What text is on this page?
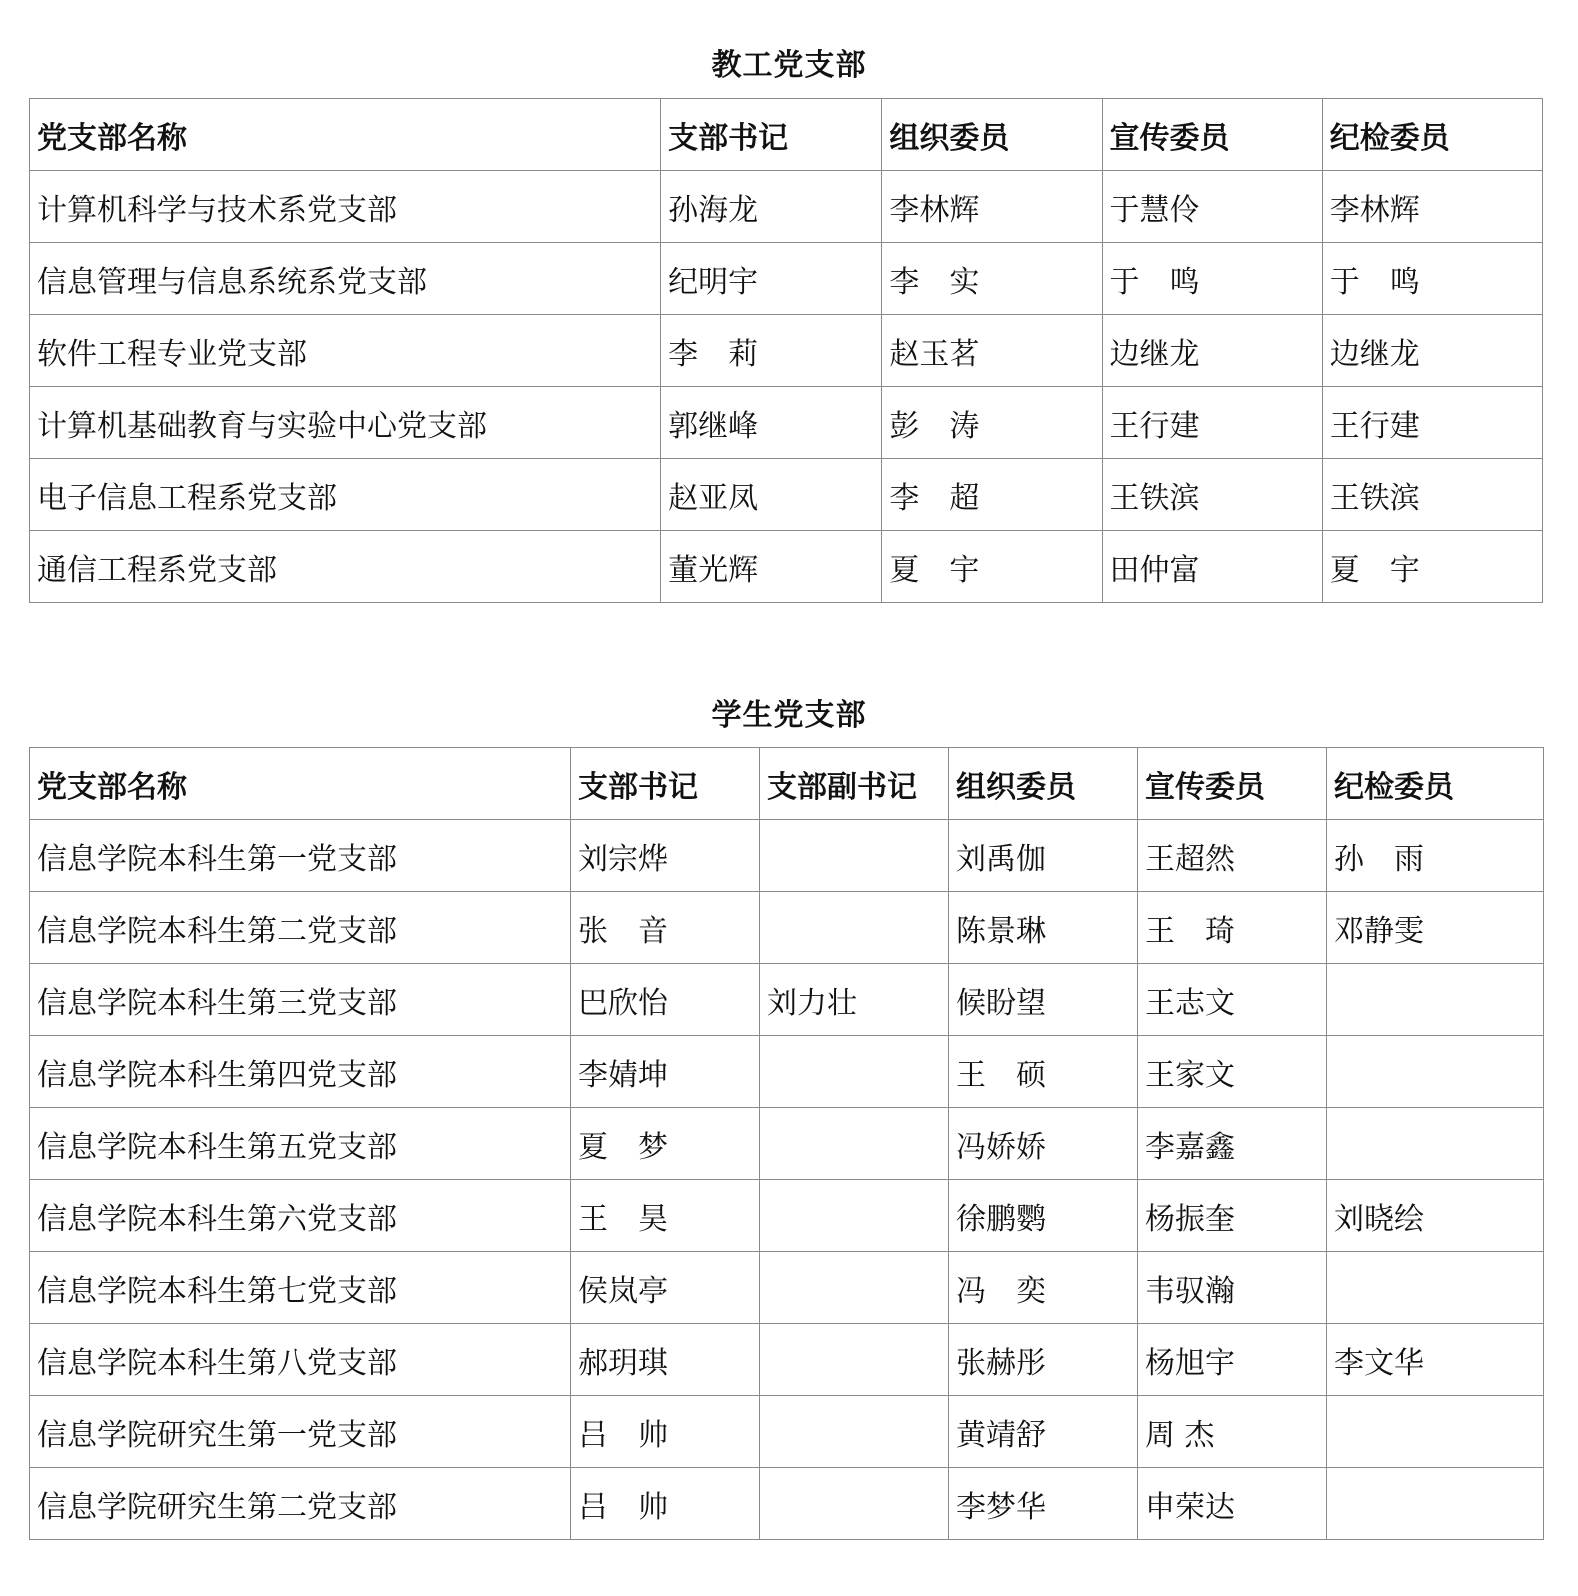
教工党支部
党支部名称	支部书记	组织委员	宣传委员	纪检委员
计算机科学与技术系党支部	孙海龙	李林辉	于慧伶	李林辉
信息管理与信息系统系党支部	纪明宇	李　实	于　鸣	于　鸣
软件工程专业党支部	李　莉	赵玉茗	边继龙	边继龙
计算机基础教育与实验中心党支部	郭继峰	彭　涛	王行建	王行建
电子信息工程系党支部	赵亚凤	李　超	王铁滨	王铁滨
通信工程系党支部	董光辉	夏　宇	田仲富	夏　宇
学生党支部
党支部名称	支部书记	支部副书记	组织委员	宣传委员	纪检委员
信息学院本科生第一党支部	刘宗烨		刘禹伽	王超然	孙　雨
信息学院本科生第二党支部	张　音		陈景琳	王　琦	邓静雯
信息学院本科生第三党支部	巴欣怡	刘力壮	候盼望	王志文	
信息学院本科生第四党支部	李婧坤		王　硕	王家文	
信息学院本科生第五党支部	夏　梦		冯娇娇	李嘉鑫	
信息学院本科生第六党支部	王　昊		徐鹏鹦	杨振奎	刘晓绘
信息学院本科生第七党支部	侯岚亭		冯　奕	韦驭瀚	
信息学院本科生第八党支部	郝玥琪		张赫彤	杨旭宇	李文华
信息学院研究生第一党支部	吕　帅		黄靖舒	周 杰	
信息学院研究生第二党支部	吕　帅		李梦华	申荣达	
